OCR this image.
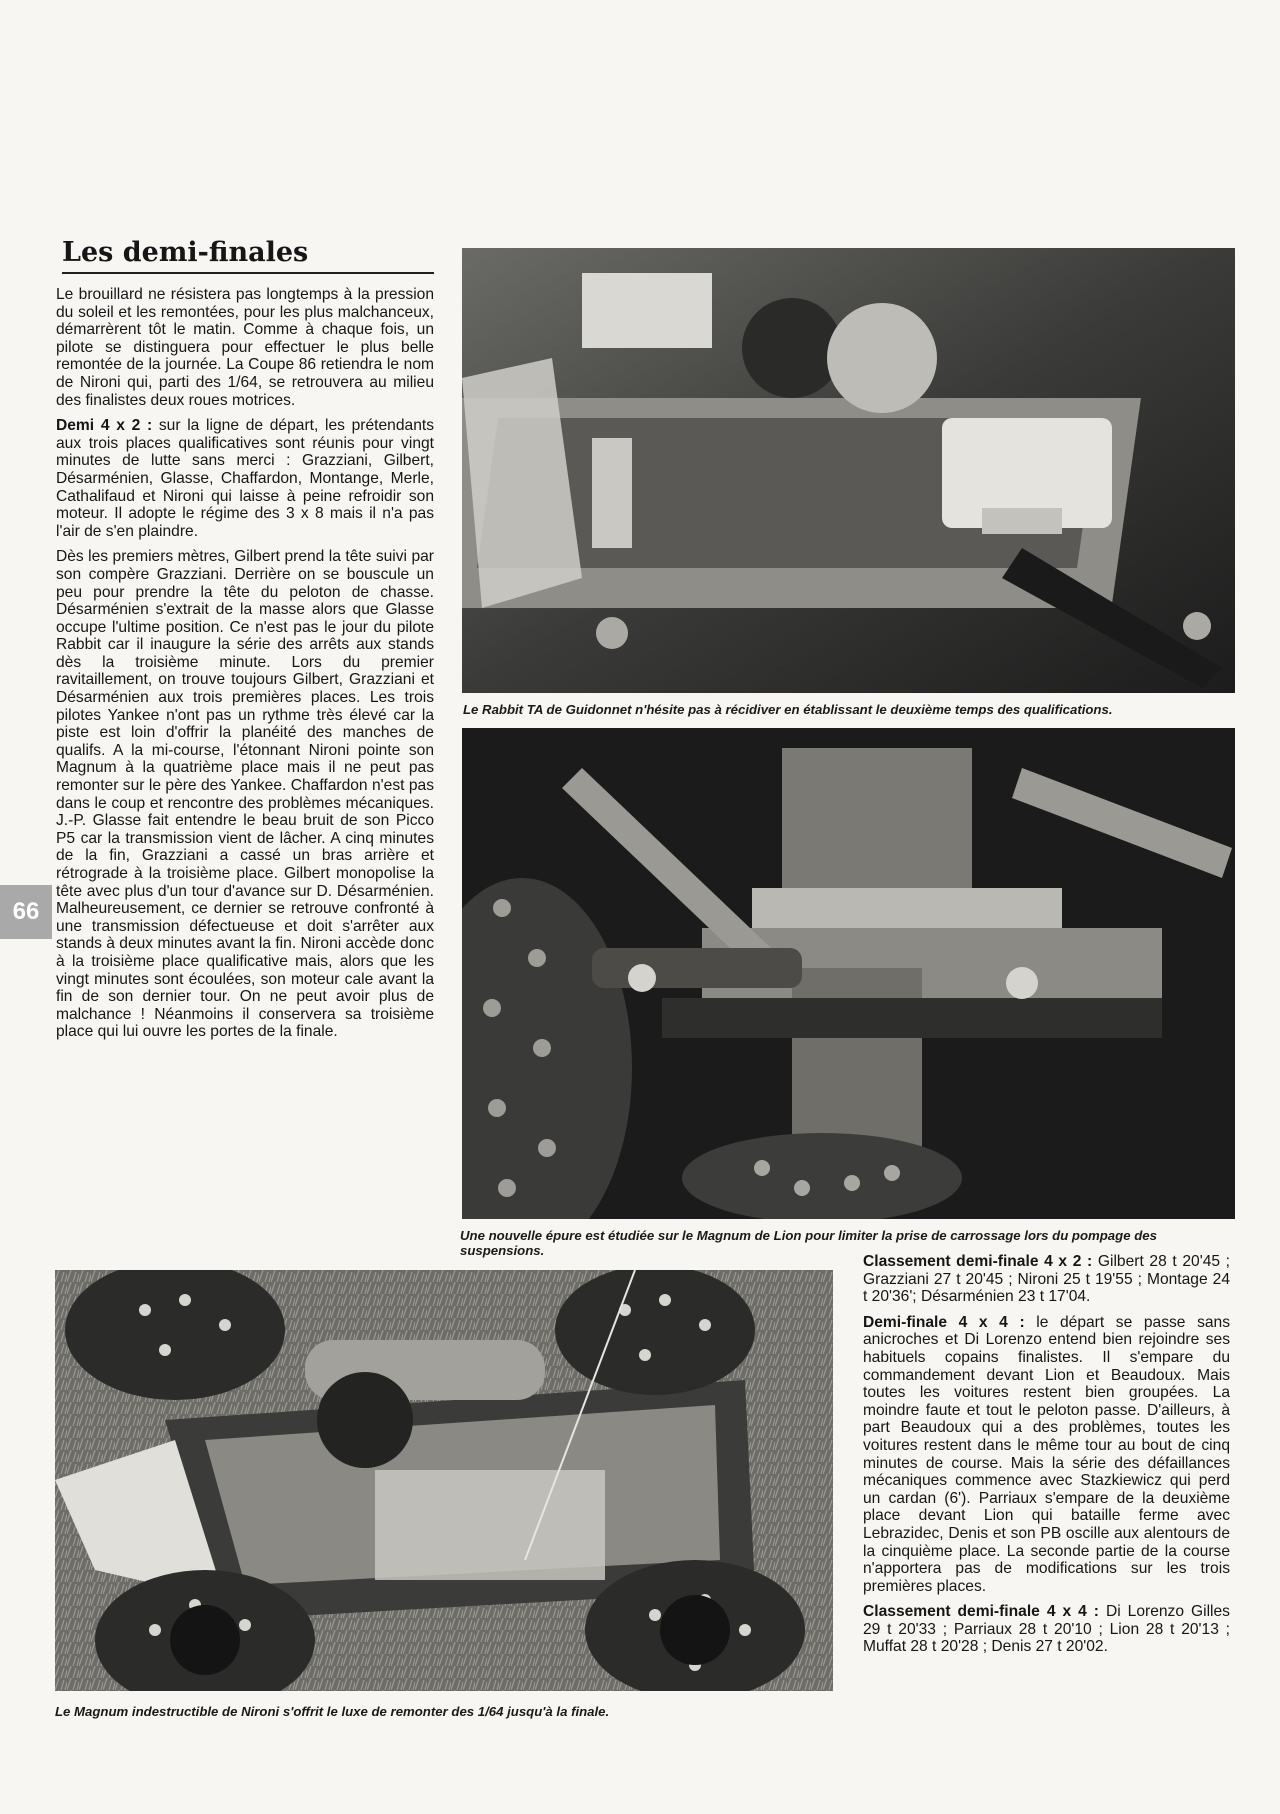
Les demi-finales

Le brouillard ne résistera pas longtemps à la pression du soleil et les remontées, pour les plus malchanceux, démarrèrent tôt le matin. Comme à chaque fois, un pilote se distinguera pour effectuer le plus belle remontée de la journée. La Coupe 86 retiendra le nom de Nironi qui, parti des 1/64, se retrouvera au milieu des finalistes deux roues motrices.

Demi 4 x 2 : sur la ligne de départ, les prétendants aux trois places qualificatives sont réunis pour vingt minutes de lutte sans merci : Grazziani, Gilbert, Désarménien, Glasse, Chaffardon, Montange, Merle, Cathalifaud et Nironi qui laisse à peine refroidir son moteur. Il adopte le régime des 3 x 8 mais il n'a pas l'air de s'en plaindre.

Dès les premiers mètres, Gilbert prend la tête suivi par son compère Grazziani. Derrière on se bouscule un peu pour prendre la tête du peloton de chasse. Désarménien s'extrait de la masse alors que Glasse occupe l'ultime position. Ce n'est pas le jour du pilote Rabbit car il inaugure la série des arrêts aux stands dès la troisième minute. Lors du premier ravitaillement, on trouve toujours Gilbert, Grazziani et Désarménien aux trois premières places. Les trois pilotes Yankee n'ont pas un rythme très élevé car la piste est loin d'offrir la planéité des manches de qualifs. A la mi-course, l'étonnant Nironi pointe son Magnum à la quatrième place mais il ne peut pas remonter sur le père des Yankee. Chaffardon n'est pas dans le coup et rencontre des problèmes mécaniques. J.-P. Glasse fait entendre le beau bruit de son Picco P5 car la transmission vient de lâcher. A cinq minutes de la fin, Grazziani a cassé un bras arrière et rétrograde à la troisième place. Gilbert monopolise la tête avec plus d'un tour d'avance sur D. Désarménien. Malheureusement, ce dernier se retrouve confronté à une transmission défectueuse et doit s'arrêter aux stands à deux minutes avant la fin. Nironi accède donc à la troisième place qualificative mais, alors que les vingt minutes sont écoulées, son moteur cale avant la fin de son dernier tour. On ne peut avoir plus de malchance ! Néanmoins il conservera sa troisième place qui lui ouvre les portes de la finale.

66
Le Rabbit TA de Guidonnet n'hésite pas à récidiver en établissant le deuxième temps des qualifications.
Une nouvelle épure est étudiée sur le Magnum de Lion pour limiter la prise de carrossage lors du pompage des suspensions.
Le Magnum indestructible de Nironi s'offrit le luxe de remonter des 1/64 jusqu'à la finale.

Classement demi-finale 4 x 2 : Gilbert 28 t 20'45 ; Grazziani 27 t 20'45 ; Nironi 25 t 19'55 ; Montage 24 t 20'36'; Désarménien 23 t 17'04.

Demi-finale 4 x 4 : le départ se passe sans anicroches et Di Lorenzo entend bien rejoindre ses habituels copains finalistes. Il s'empare du commandement devant Lion et Beaudoux. Mais toutes les voitures restent bien groupées. La moindre faute et tout le peloton passe. D'ailleurs, à part Beaudoux qui a des problèmes, toutes les voitures restent dans le même tour au bout de cinq minutes de course. Mais la série des défaillances mécaniques commence avec Stazkiewicz qui perd un cardan (6'). Parriaux s'empare de la deuxième place devant Lion qui bataille ferme avec Lebrazidec, Denis et son PB oscille aux alentours de la cinquième place. La seconde partie de la course n'apportera pas de modifications sur les trois premières places.

Classement demi-finale 4 x 4 : Di Lorenzo Gilles 29 t 20'33 ; Parriaux 28 t 20'10 ; Lion 28 t 20'13 ; Muffat 28 t 20'28 ; Denis 27 t 20'02.
